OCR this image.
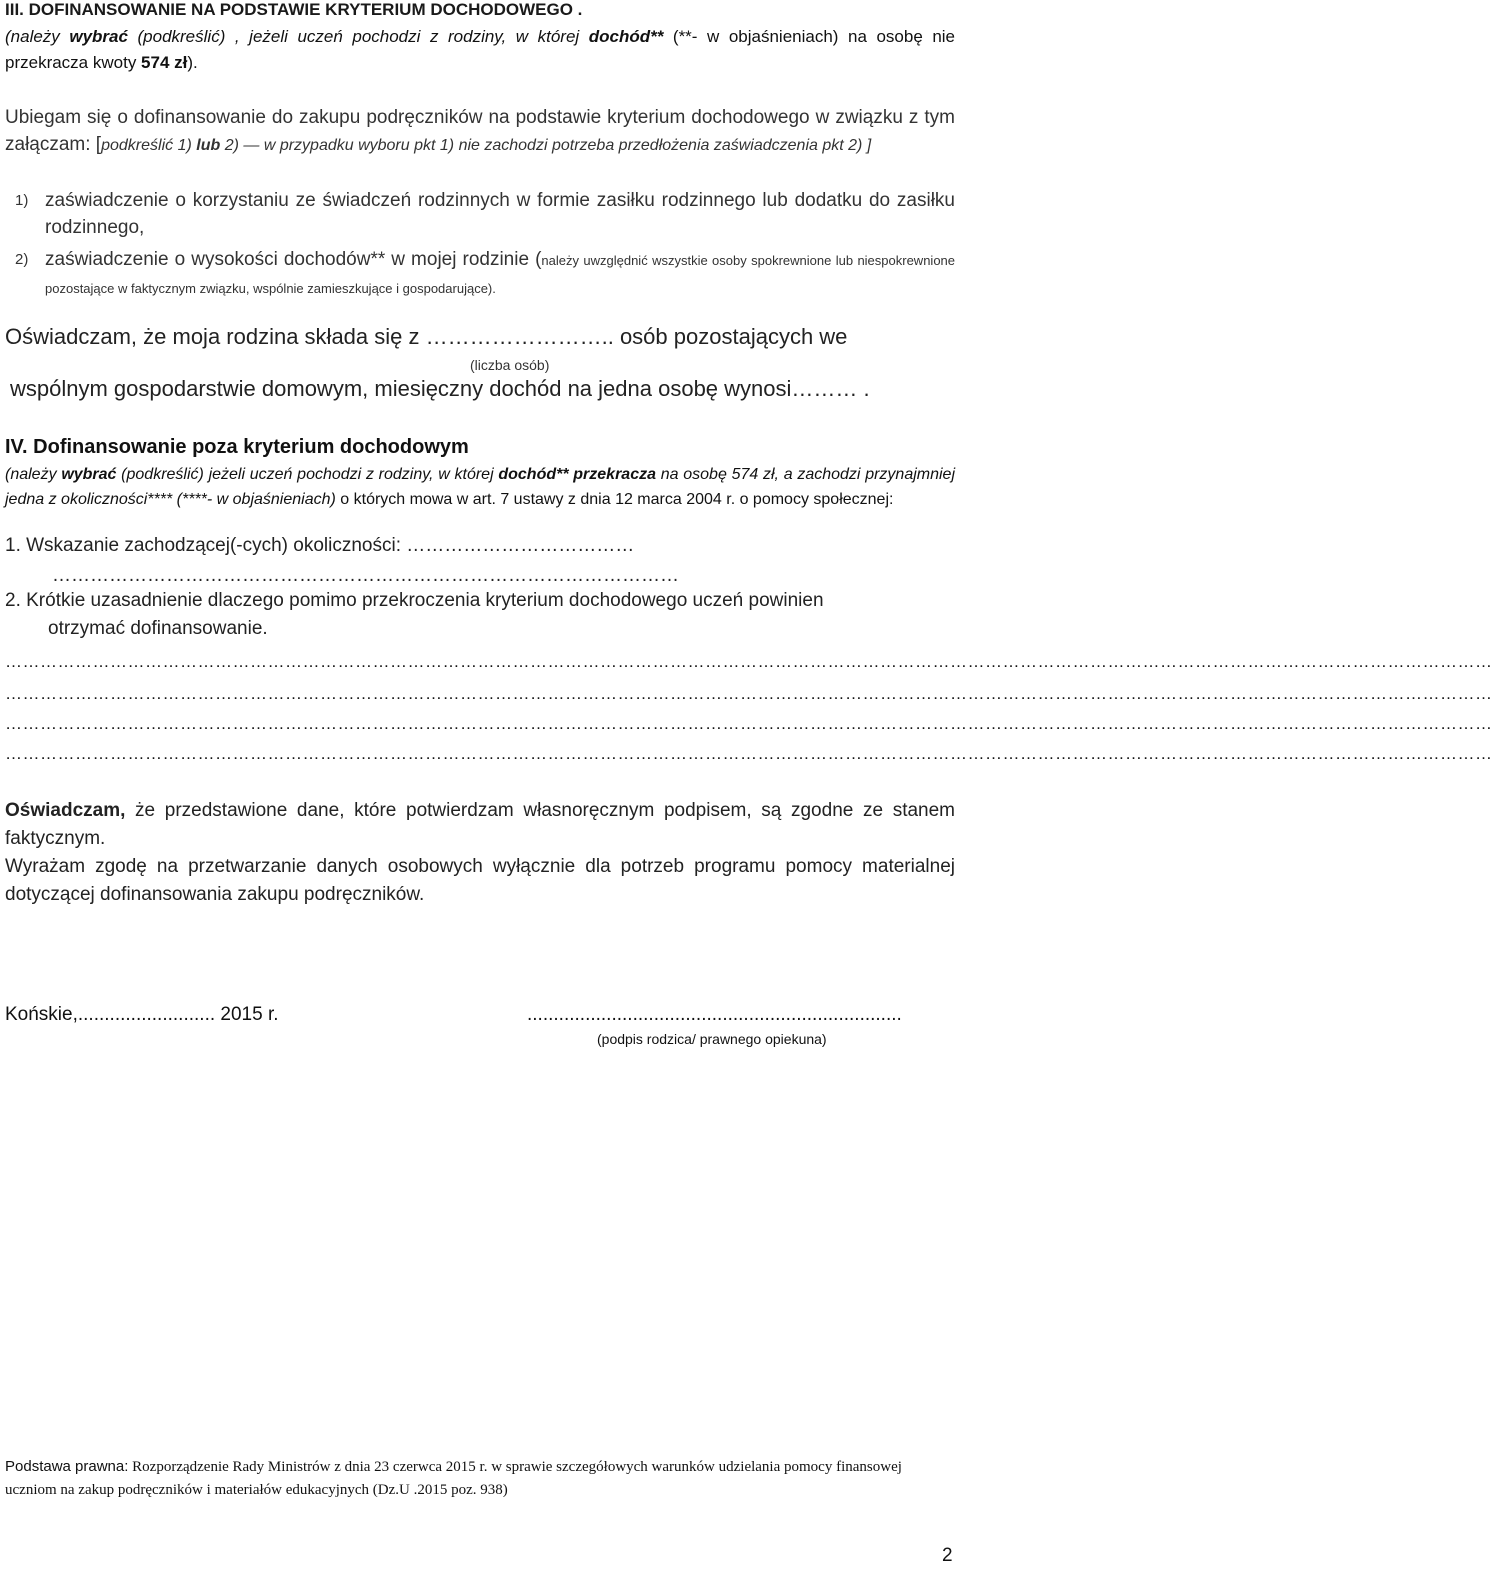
III. DOFINANSOWANIE NA PODSTAWIE KRYTERIUM DOCHODOWEGO .
(należy wybrać (podkreślić) , jeżeli uczeń pochodzi z rodziny, w której dochód** (**- w objaśnieniach) na osobę nie przekracza kwoty 574 zł).
Ubiegam się o dofinansowanie do zakupu podręczników na podstawie kryterium dochodowego w związku z tym załączam: [podkreślić 1) lub 2) — w przypadku wyboru pkt 1) nie zachodzi potrzeba przedłożenia zaświadczenia pkt 2) ]
1) zaświadczenie o korzystaniu ze świadczeń rodzinnych w formie zasiłku rodzinnego lub dodatku do zasiłku rodzinnego,
2) zaświadczenie o wysokości dochodów** w mojej rodzinie (należy uwzględnić wszystkie osoby spokrewnione lub niespokrewnione pozostające w faktycznym związku, wspólnie zamieszkujące i gospodarujące).
Oświadczam, że moja rodzina składa się z …………………….. osób pozostających we
(liczba osób)
wspólnym gospodarstwie domowym, miesięczny dochód na jedna osobę wynosi……… .
IV. Dofinansowanie poza kryterium dochodowym
(należy wybrać (podkreślić) jeżeli uczeń pochodzi z rodziny, w której dochód** przekracza na osobę 574 zł, a zachodzi przynajmniej jedna z okoliczności**** (****- w objaśnieniach) o których mowa w art. 7 ustawy z dnia 12 marca 2004 r. o pomocy społecznej:
1. Wskazanie zachodzącej(-cych) okoliczności: ………………………………
………………………………………………………………………………………
2. Krótkie uzasadnienie dlaczego pomimo przekroczenia kryterium dochodowego uczeń powinien
otrzymać dofinansowanie.
…………………………………………………………………………………………………………………………………………………………………………………………………………………………………
…………………………………………………………………………………………………………………………………………………………………………………………………………………………………
…………………………………………………………………………………………………………………………………………………………………………………………………………………………………
…………………………………………………………………………………………………………………………………………………………………………………………………………………………………
Oświadczam, że przedstawione dane, które potwierdzam własnoręcznym podpisem, są zgodne ze stanem faktycznym.
Wyrażam zgodę na przetwarzanie danych osobowych wyłącznie dla potrzeb programu pomocy materialnej dotyczącej dofinansowania zakupu podręczników.
Końskie,.......................... 2015 r.	.......................................................................
(podpis rodzica/ prawnego opiekuna)
Podstawa prawna: Rozporządzenie Rady Ministrów z dnia 23 czerwca 2015 r. w sprawie szczegółowych warunków udzielania pomocy finansowej uczniom na zakup podręczników i materiałów edukacyjnych (Dz.U .2015 poz. 938)
2
